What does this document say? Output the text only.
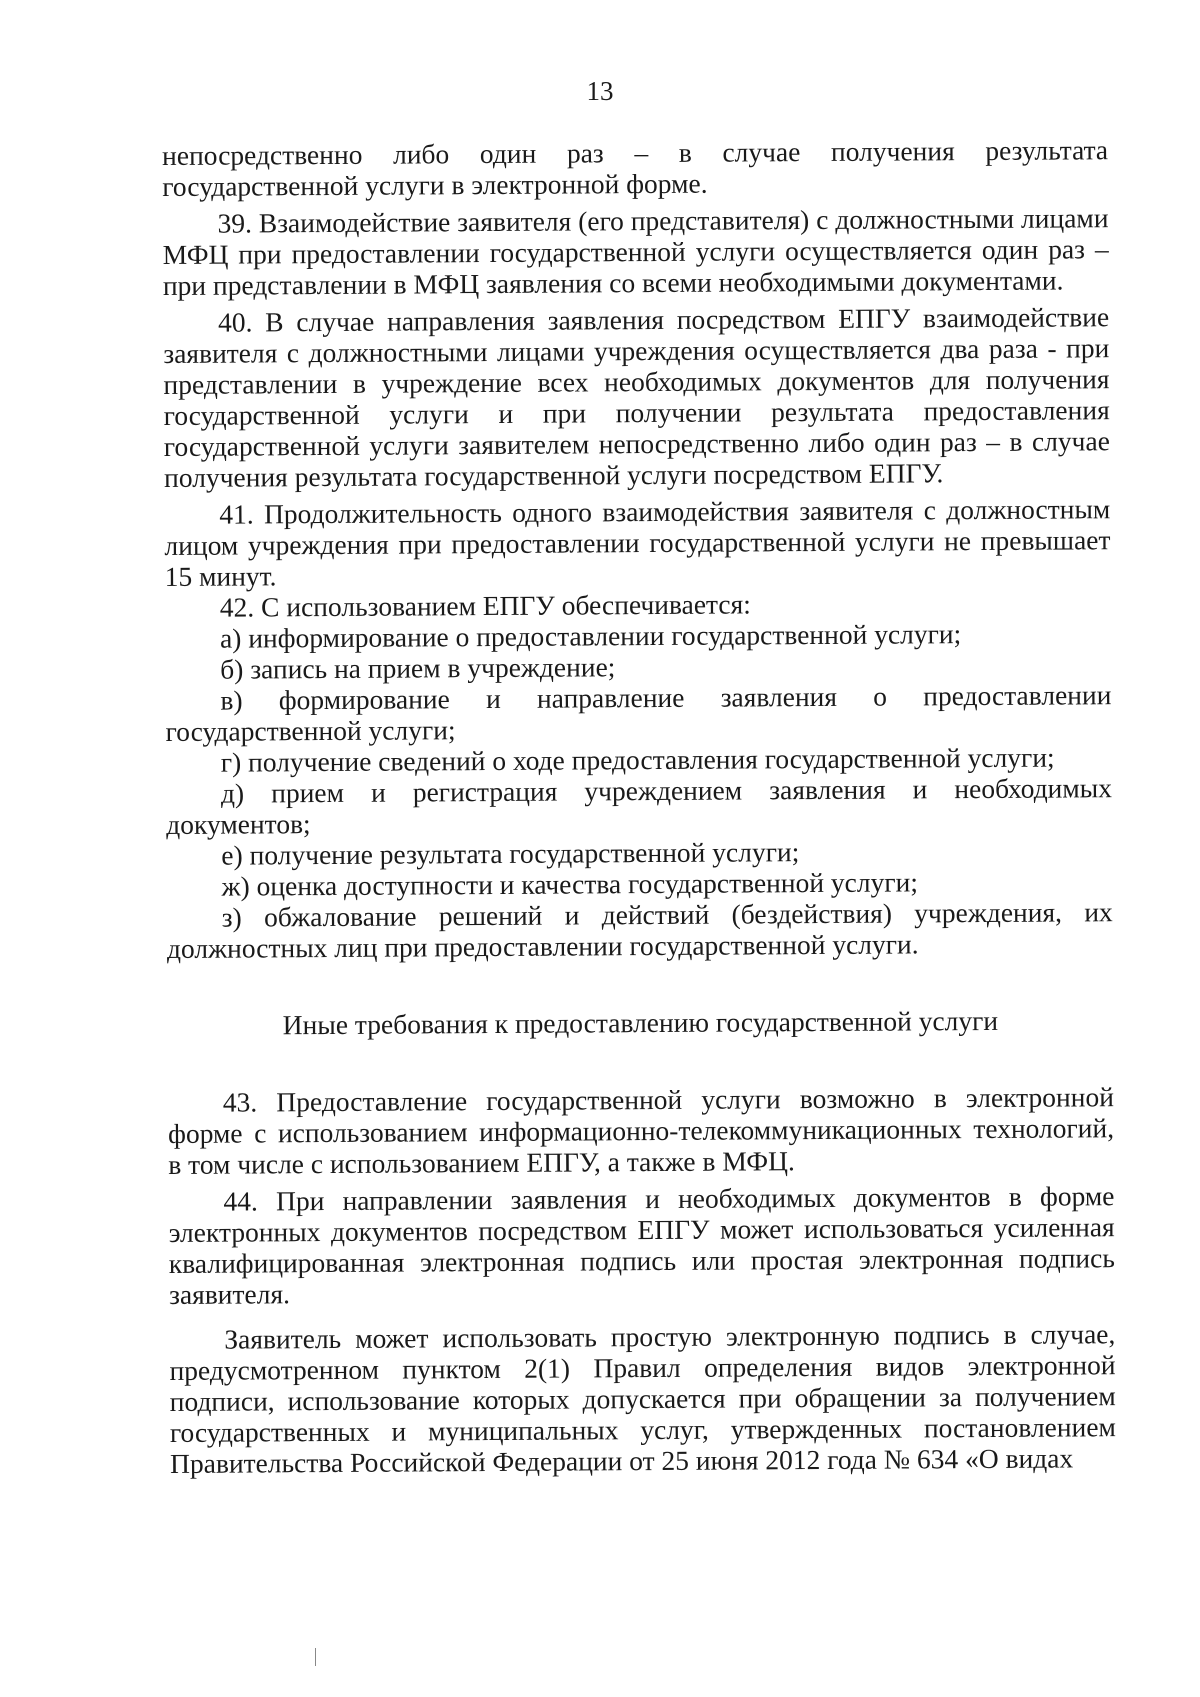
13

непосредственно либо один раз – в случае получения результата государственной услуги в электронной форме.

39. Взаимодействие заявителя (его представителя) с должностными лицами МФЦ при предоставлении государственной услуги осуществляется один раз – при представлении в МФЦ заявления со всеми необходимыми документами.

40. В случае направления заявления посредством ЕПГУ взаимодействие заявителя с должностными лицами учреждения осуществляется два раза - при представлении в учреждение всех необходимых документов для получения государственной услуги и при получении результата предоставления государственной услуги заявителем непосредственно либо один раз – в случае получения результата государственной услуги посредством ЕПГУ.

41. Продолжительность одного взаимодействия заявителя с должностным лицом учреждения при предоставлении государственной услуги не превышает 15 минут.

42. С использованием ЕПГУ обеспечивается:

а) информирование о предоставлении государственной услуги;

б) запись на прием в учреждение;

в) формирование и направление заявления о предоставлении государственной услуги;

г) получение сведений о ходе предоставления государственной услуги;

д) прием и регистрация учреждением заявления и необходимых документов;

е) получение результата государственной услуги;

ж) оценка доступности и качества государственной услуги;

з) обжалование решений и действий (бездействия) учреждения, их должностных лиц при предоставлении государственной услуги.

Иные требования к предоставлению государственной услуги

43. Предоставление государственной услуги возможно в электронной форме с использованием информационно-телекоммуникационных технологий, в том числе с использованием ЕПГУ, а также в МФЦ.

44. При направлении заявления и необходимых документов в форме электронных документов посредством ЕПГУ может использоваться усиленная квалифицированная электронная подпись или простая электронная подпись заявителя.

Заявитель может использовать простую электронную подпись в случае, предусмотренном пунктом 2(1) Правил определения видов электронной подписи, использование которых допускается при обращении за получением государственных и муниципальных услуг, утвержденных постановлением Правительства Российской Федерации от 25 июня 2012 года № 634 «О видах
